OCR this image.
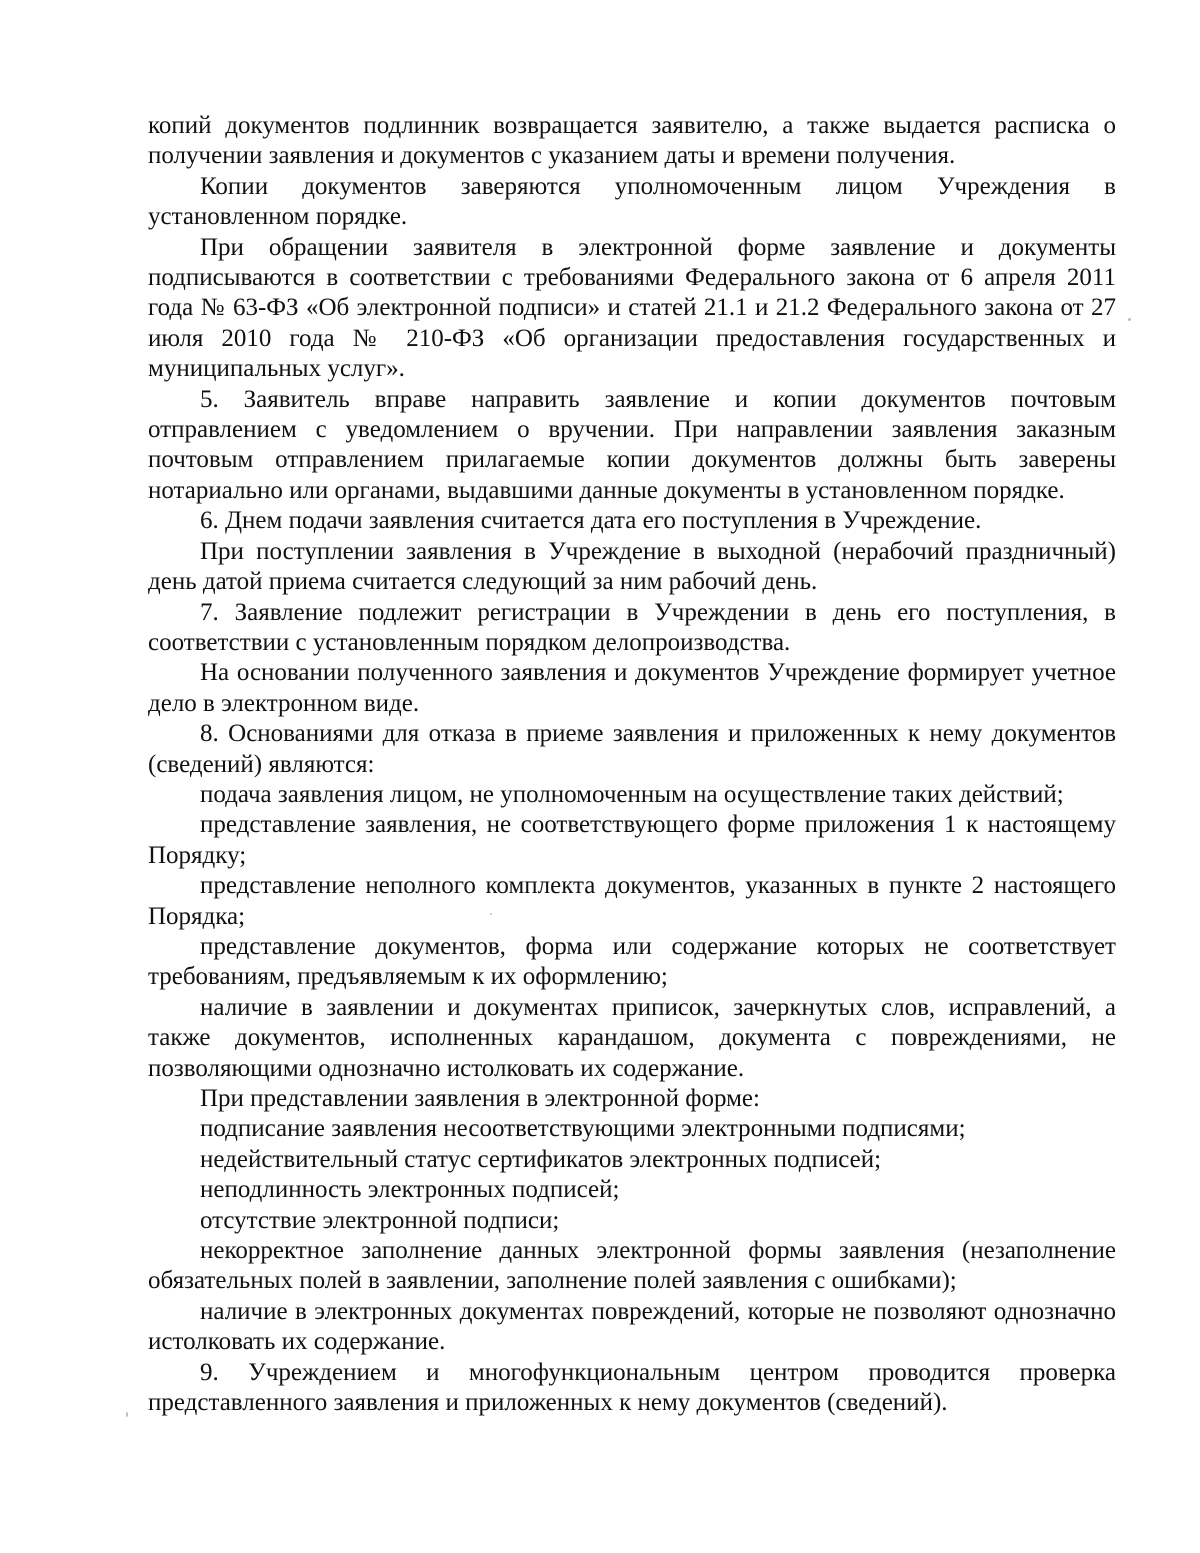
копий документов подлинник возвращается заявителю, а также выдается расписка о получении заявления и документов с указанием даты и времени получения.

Копии документов заверяются уполномоченным лицом Учреждения в установленном порядке.

При обращении заявителя в электронной форме заявление и документы подписываются в соответствии с требованиями Федерального закона от 6 апреля 2011 года № 63-ФЗ «Об электронной подписи» и статей 21.1 и 21.2 Федерального закона от 27 июля 2010 года № 210-ФЗ «Об организации предоставления государственных и муниципальных услуг».

5. Заявитель вправе направить заявление и копии документов почтовым отправлением с уведомлением о вручении. При направлении заявления заказным почтовым отправлением прилагаемые копии документов должны быть заверены нотариально или органами, выдавшими данные документы в установленном порядке.

6. Днем подачи заявления считается дата его поступления в Учреждение.

При поступлении заявления в Учреждение в выходной (нерабочий праздничный) день датой приема считается следующий за ним рабочий день.

7. Заявление подлежит регистрации в Учреждении в день его поступления, в соответствии с установленным порядком делопроизводства.

На основании полученного заявления и документов Учреждение формирует учетное дело в электронном виде.

8. Основаниями для отказа в приеме заявления и приложенных к нему документов (сведений) являются:

подача заявления лицом, не уполномоченным на осуществление таких действий;

представление заявления, не соответствующего форме приложения 1 к настоящему Порядку;

представление неполного комплекта документов, указанных в пункте 2 настоящего Порядка;

представление документов, форма или содержание которых не соответствует требованиям, предъявляемым к их оформлению;

наличие в заявлении и документах приписок, зачеркнутых слов, исправлений, а также документов, исполненных карандашом, документа с повреждениями, не позволяющими однозначно истолковать их содержание.

При представлении заявления в электронной форме:

подписание заявления несоответствующими электронными подписями;

недействительный статус сертификатов электронных подписей;

неподлинность электронных подписей;

отсутствие электронной подписи;

некорректное заполнение данных электронной формы заявления (незаполнение обязательных полей в заявлении, заполнение полей заявления с ошибками);

наличие в электронных документах повреждений, которые не позволяют однозначно истолковать их содержание.

9. Учреждением и многофункциональным центром проводится проверка представленного заявления и приложенных к нему документов (сведений).
